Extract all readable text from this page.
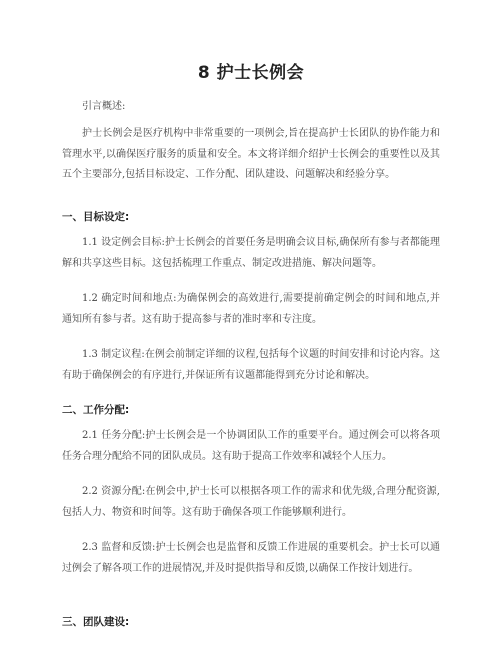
8 护士长例会

引言概述:

护士长例会是医疗机构中非常重要的一项例会,旨在提高护士长团队的协作能力和管理水平,以确保医疗服务的质量和安全。本文将详细介绍护士长例会的重要性以及其五个主要部分,包括目标设定、工作分配、团队建设、问题解决和经验分享。

一、目标设定:

1.1 设定例会目标:护士长例会的首要任务是明确会议目标,确保所有参与者都能理解和共享这些目标。这包括梳理工作重点、制定改进措施、解决问题等。

1.2 确定时间和地点:为确保例会的高效进行,需要提前确定例会的时间和地点,并通知所有参与者。这有助于提高参与者的准时率和专注度。

1.3 制定议程:在例会前制定详细的议程,包括每个议题的时间安排和讨论内容。这有助于确保例会的有序进行,并保证所有议题都能得到充分讨论和解决。

二、工作分配:

2.1 任务分配:护士长例会是一个协调团队工作的重要平台。通过例会可以将各项任务合理分配给不同的团队成员。这有助于提高工作效率和减轻个人压力。

2.2 资源分配:在例会中,护士长可以根据各项工作的需求和优先级,合理分配资源,包括人力、物资和时间等。这有助于确保各项工作能够顺利进行。

2.3 监督和反馈:护士长例会也是监督和反馈工作进展的重要机会。护士长可以通过例会了解各项工作的进展情况,并及时提供指导和反馈,以确保工作按计划进行。

三、团队建设:
